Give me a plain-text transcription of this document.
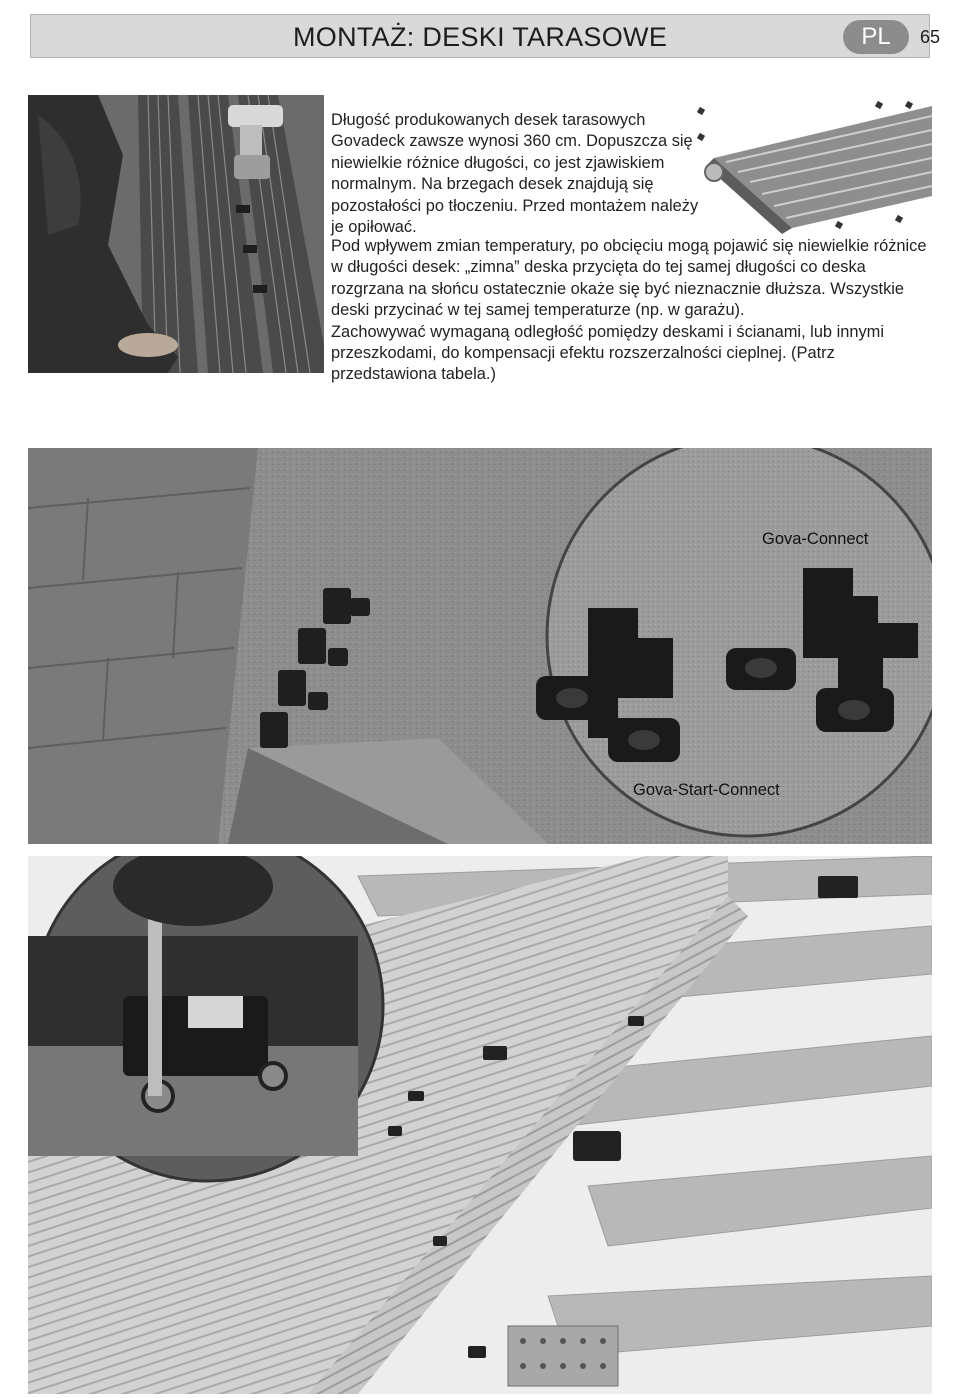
MONTAŻ: DESKI TARASOWE	PL	65

Długość produkowanych desek tarasowych Govadeck zawsze wynosi 360 cm. Dopuszcza się niewielkie różnice długości, co jest zjawiskiem normalnym. Na brzegach desek znajdują się pozostałości po tłoczeniu. Przed montażem należy je opiłować.

Pod wpływem zmian temperatury, po obcięciu mogą pojawić się niewielkie różnice w długości desek: „zimna” deska przycięta do tej samej długości co deska rozgrzana na słońcu ostatecznie okaże się być nieznacznie dłuższa. Wszystkie deski przycinać w tej samej temperaturze (np. w garażu).

Zachowywać wymaganą odległość pomiędzy deskami i ścianami, lub innymi przeszkodami, do kompensacji efektu rozszerzalności cieplnej. (Patrz przedstawiona tabela.)

Gova-Connect
Gova-Start-Connect
